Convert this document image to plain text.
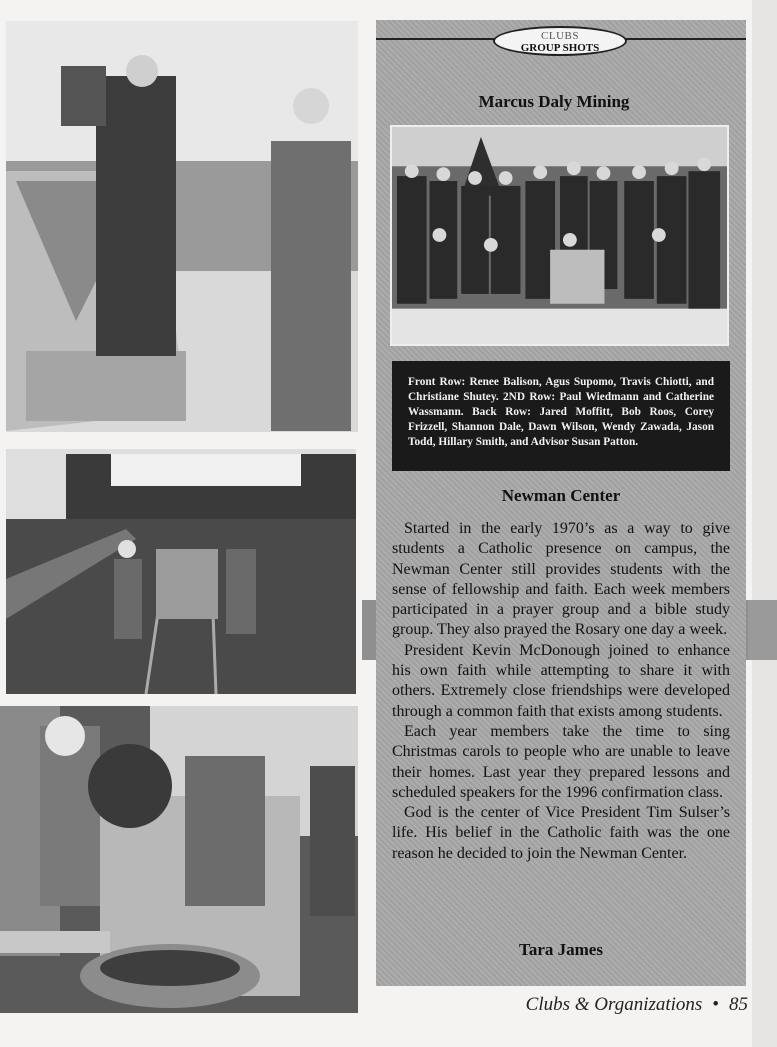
CLUBS
GROUP SHOTS
Marcus Daly Mining
Front Row: Renee Balison, Agus Supomo, Travis Chiotti, and Christiane Shutey. 2ND Row: Paul Wiedmann and Catherine Wassmann. Back Row: Jared Moffitt, Bob Roos, Corey Frizzell, Shannon Dale, Dawn Wilson, Wendy Zawada, Jason Todd, Hillary Smith, and Advisor Susan Patton.
Newman Center

Started in the early 1970’s as a way to give students a Catholic presence on campus, the Newman Center still provides students with the sense of fellowship and faith. Each week members participated in a prayer group and a bible study group. They also prayed the Rosary one day a week.

President Kevin McDonough joined to enhance his own faith while attempting to share it with others. Extremely close friendships were developed through a common faith that exists among students.

Each year members take the time to sing Christmas carols to people who are unable to leave their homes. Last year they prepared lessons and scheduled speakers for the 1996 confirmation class.

God is the center of Vice President Tim Sulser’s life. His belief in the Catholic faith was the one reason he decided to join the Newman Center.

Tara James
Clubs & Organizations • 85
